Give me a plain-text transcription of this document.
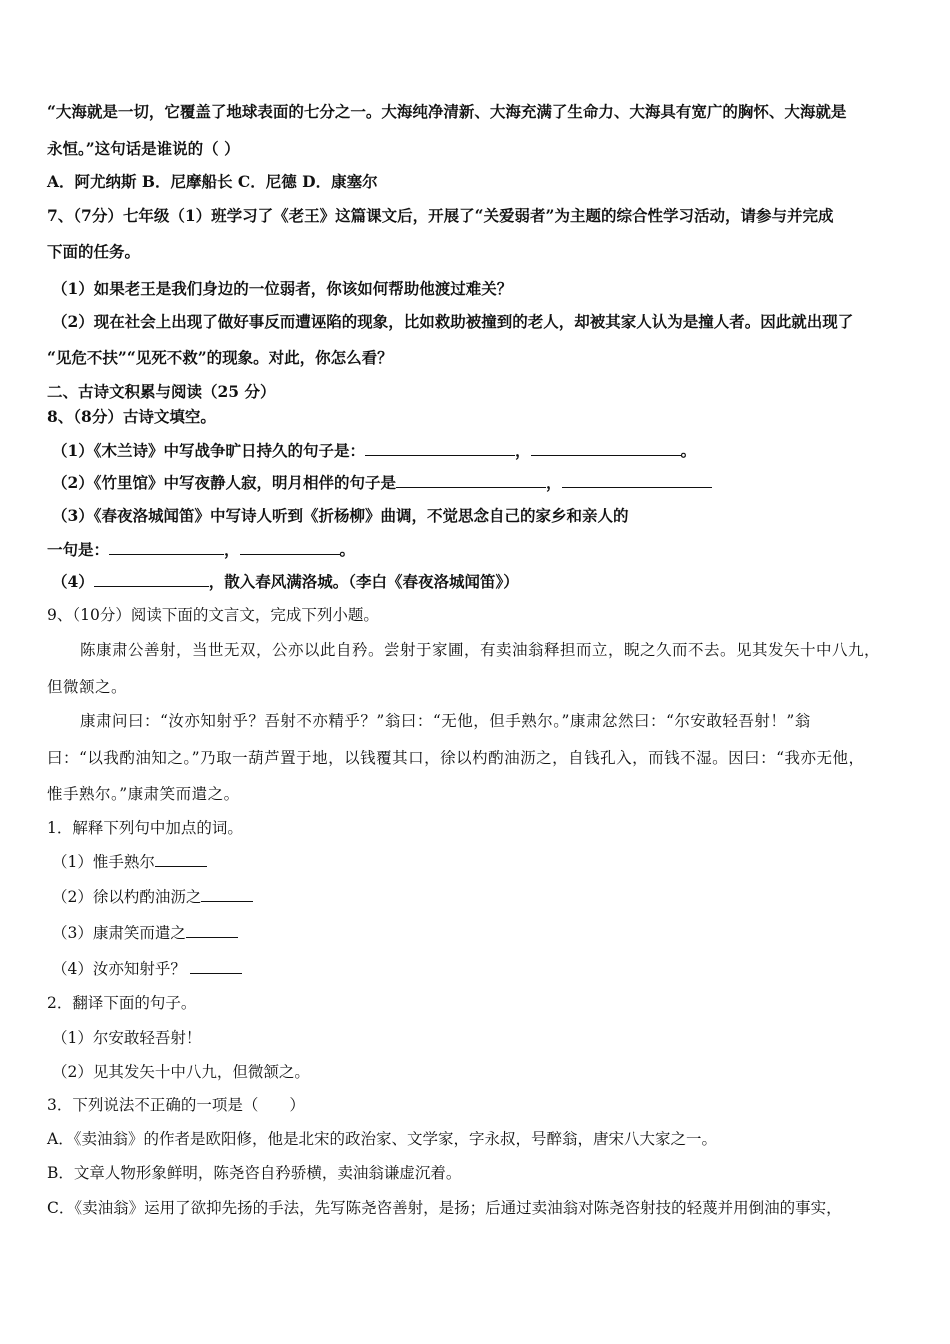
“大海就是一切，它覆盖了地球表面的七分之一。大海纯净清新、大海充满了生命力、大海具有宽广的胸怀、大海就是
永恒。”这句话是谁说的（ ）
A．阿尤纳斯 B．尼摩船长 C．尼德 D．康塞尔
7、（7分）七年级（1）班学习了《老王》这篇课文后，开展了“关爱弱者”为主题的综合性学习活动，请参与并完成
下面的任务。
（1）如果老王是我们身边的一位弱者，你该如何帮助他渡过难关？
（2）现在社会上出现了做好事反而遭诬陷的现象，比如救助被撞到的老人，却被其家人认为是撞人者。因此就出现了
“见危不扶”“见死不救”的现象。对此，你怎么看？
二、古诗文积累与阅读（25 分）
8、（8分）古诗文填空。
（1）《木兰诗》中写战争旷日持久的句子是：	，	。
（2）《竹里馆》中写夜静人寂，明月相伴的句子是	，
（3）《春夜洛城闻笛》中写诗人听到《折杨柳》曲调，不觉思念自己的家乡和亲人的
一句是：	，	。
（4）	，散入春风满洛城。（李白《春夜洛城闻笛》）
9、（10分）阅读下面的文言文，完成下列小题。
陈康肃公善射，当世无双，公亦以此自矜。尝射于家圃，有卖油翁释担而立，睨之久而不去。见其发矢十中八九，
但微颔之。
康肃问曰：“汝亦知射乎？吾射不亦精乎？”翁曰：“无他，但手熟尔。”康肃忿然曰：“尔安敢轻吾射！”翁
曰：“以我酌油知之。”乃取一葫芦置于地，以钱覆其口，徐以杓酌油沥之，自钱孔入，而钱不湿。因曰：“我亦无他，
惟手熟尔。”康肃笑而遣之。
1．解释下列句中加点的词。
（1）惟手熟尔
（2）徐以杓酌油沥之
（3）康肃笑而遣之
（4）汝亦知射乎？
2．翻译下面的句子。
（1）尔安敢轻吾射！
（2）见其发矢十中八九，但微颔之。
3．下列说法不正确的一项是（　　）
A．《卖油翁》的作者是欧阳修，他是北宋的政治家、文学家，字永叔，号醉翁，唐宋八大家之一。
B．文章人物形象鲜明，陈尧咨自矜骄横，卖油翁谦虚沉着。
C．《卖油翁》运用了欲抑先扬的手法，先写陈尧咨善射，是扬；后通过卖油翁对陈尧咨射技的轻蔑并用倒油的事实，
